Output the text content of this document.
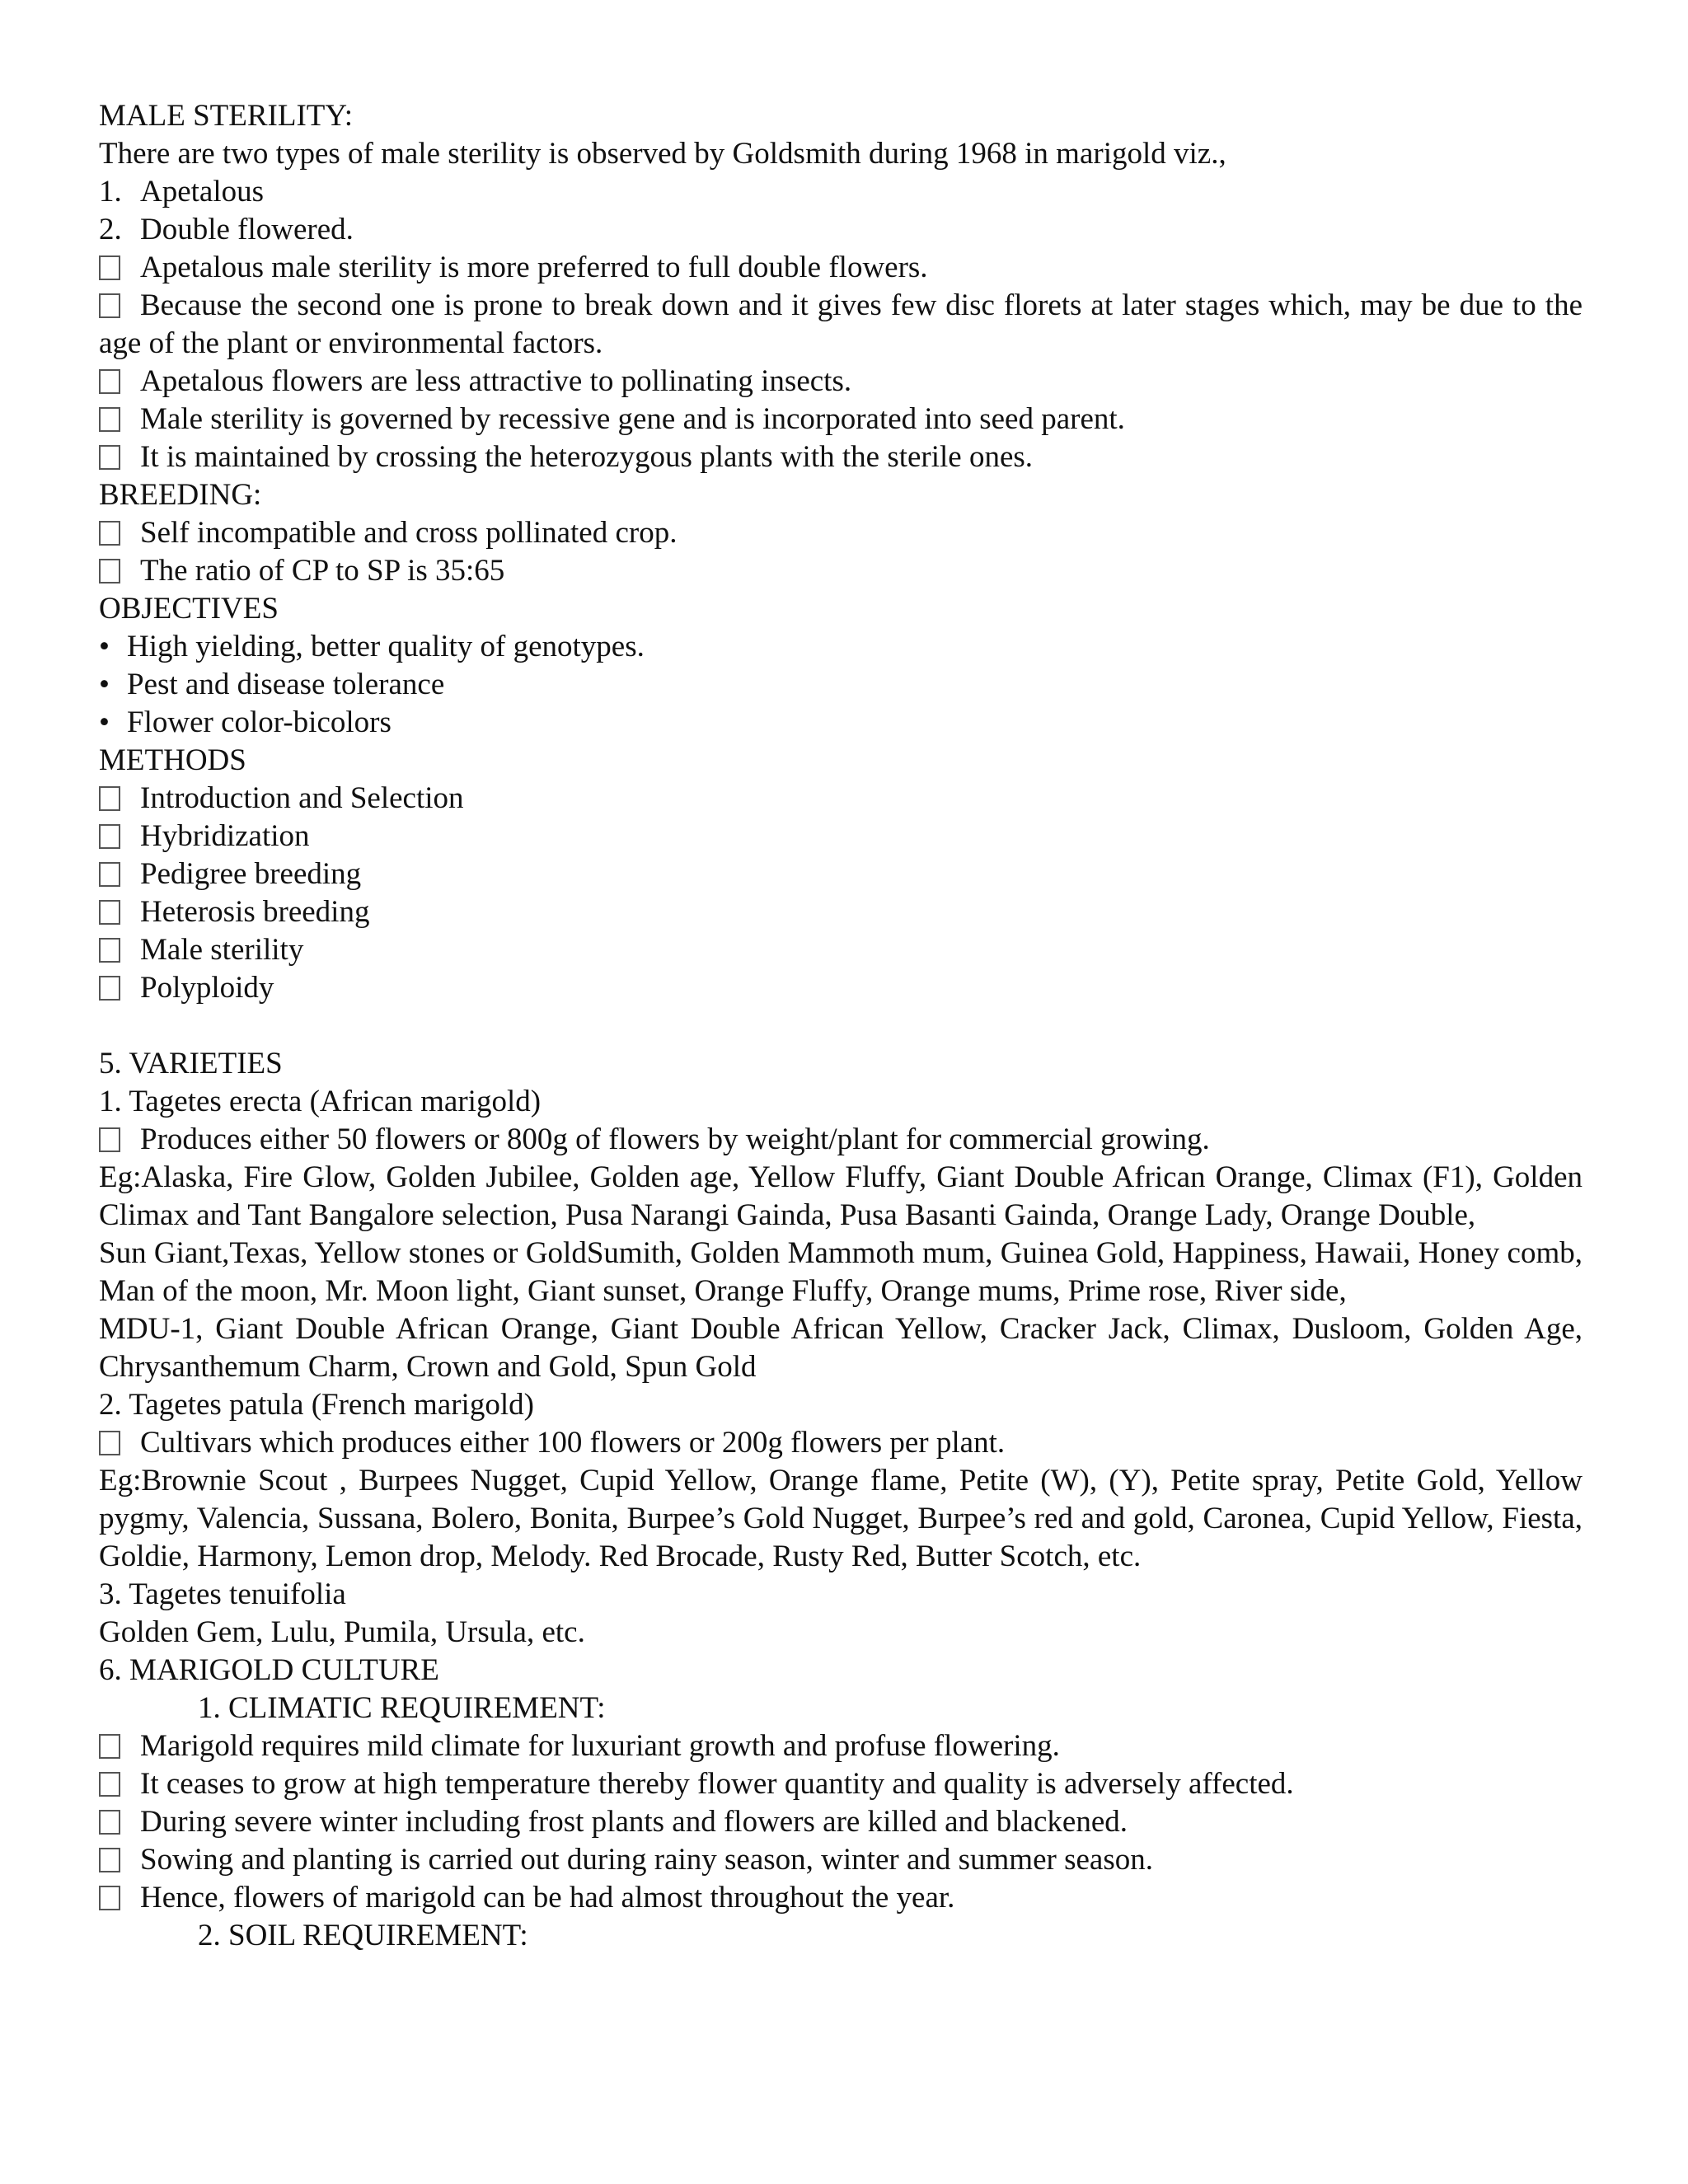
MALE STERILITY:
There are two types of male sterility is observed by Goldsmith during 1968 in marigold viz.,
1. Apetalous
2. Double flowered.
Apetalous male sterility is more preferred to full double flowers.
Because the second one is prone to break down and it gives few disc florets at later stages which, may be due to the age of the plant or environmental factors.
Apetalous flowers are less attractive to pollinating insects.
Male sterility is governed by recessive gene and is incorporated into seed parent.
It is maintained by crossing the heterozygous plants with the sterile ones.
BREEDING:
Self incompatible and cross pollinated crop.
The ratio of CP to SP is 35:65
OBJECTIVES
• High yielding, better quality of genotypes.
• Pest and disease tolerance
• Flower color-bicolors
METHODS
Introduction and Selection
Hybridization
Pedigree breeding
Heterosis breeding
Male sterility
Polyploidy
5. VARIETIES
1. Tagetes erecta (African marigold)
Produces either 50 flowers or 800g of flowers by weight/plant for commercial growing.
Eg:Alaska, Fire Glow, Golden Jubilee, Golden age, Yellow Fluffy, Giant Double African Orange, Climax (F1), Golden Climax and Tant Bangalore selection, Pusa Narangi Gainda, Pusa Basanti Gainda, Orange Lady, Orange Double,
Sun Giant,Texas, Yellow stones or GoldSumith, Golden Mammoth mum, Guinea Gold, Happiness, Hawaii, Honey comb, Man of the moon, Mr. Moon light, Giant sunset, Orange Fluffy, Orange mums, Prime rose, River side,
MDU-1, Giant Double African Orange, Giant Double African Yellow, Cracker Jack, Climax, Dusloom, Golden Age, Chrysanthemum Charm, Crown and Gold, Spun Gold
2. Tagetes patula (French marigold)
Cultivars which produces either 100 flowers or 200g flowers per plant.
Eg:Brownie Scout , Burpees Nugget, Cupid Yellow, Orange flame, Petite (W), (Y), Petite spray, Petite Gold, Yellow pygmy, Valencia, Sussana, Bolero, Bonita, Burpee’s Gold Nugget, Burpee’s red and gold, Caronea, Cupid Yellow, Fiesta, Goldie, Harmony, Lemon drop, Melody. Red Brocade, Rusty Red, Butter Scotch, etc.
3. Tagetes tenuifolia
Golden Gem, Lulu, Pumila, Ursula, etc.
6. MARIGOLD CULTURE
1. CLIMATIC REQUIREMENT:
Marigold requires mild climate for luxuriant growth and profuse flowering.
It ceases to grow at high temperature thereby flower quantity and quality is adversely affected.
During severe winter including frost plants and flowers are killed and blackened.
Sowing and planting is carried out during rainy season, winter and summer season.
Hence, flowers of marigold can be had almost throughout the year.
2. SOIL REQUIREMENT:
